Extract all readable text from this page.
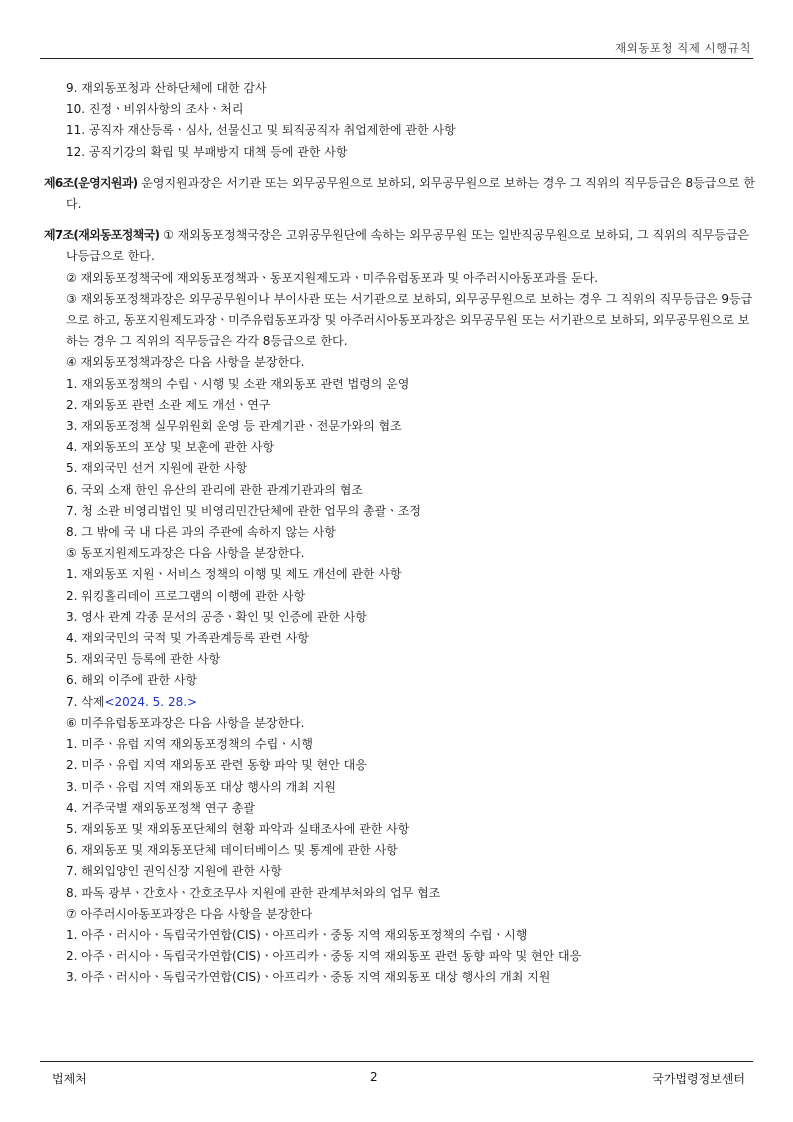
재외동포청 직제 시행규칙
9. 재외동포청과 산하단체에 대한 감사
10. 진정ㆍ비위사항의 조사ㆍ처리
11. 공직자 재산등록ㆍ심사, 선물신고 및 퇴직공직자 취업제한에 관한 사항
12. 공직기강의 확립 및 부패방지 대책 등에 관한 사항
제6조(운영지원과) 운영지원과장은 서기관 또는 외무공무원으로 보하되, 외무공무원으로 보하는 경우 그 직위의 직무등급은 8등급으로 한다.
제7조(재외동포정책국) ① 재외동포정책국장은 고위공무원단에 속하는 외무공무원 또는 일반직공무원으로 보하되, 그 직위의 직무등급은 나등급으로 한다.
② 재외동포정책국에 재외동포정책과ㆍ동포지원제도과ㆍ미주유럽동포과 및 아주러시아동포과를 둔다.
③ 재외동포정책과장은 외무공무원이나 부이사관 또는 서기관으로 보하되, 외무공무원으로 보하는 경우 그 직위의 직무등급은 9등급으로 하고, 동포지원제도과장ㆍ미주유럽동포과장 및 아주러시아동포과장은 외무공무원 또는 서기관으로 보하되, 외무공무원으로 보하는 경우 그 직위의 직무등급은 각각 8등급으로 한다.
④ 재외동포정책과장은 다음 사항을 분장한다.
1. 재외동포정책의 수립ㆍ시행 및 소관 재외동포 관련 법령의 운영
2. 재외동포 관련 소관 제도 개선ㆍ연구
3. 재외동포정책 실무위원회 운영 등 관계기관ㆍ전문가와의 협조
4. 재외동포의 포상 및 보훈에 관한 사항
5. 재외국민 선거 지원에 관한 사항
6. 국외 소재 한인 유산의 관리에 관한 관계기관과의 협조
7. 청 소관 비영리법인 및 비영리민간단체에 관한 업무의 총괄ㆍ조정
8. 그 밖에 국 내 다른 과의 주관에 속하지 않는 사항
⑤ 동포지원제도과장은 다음 사항을 분장한다.
1. 재외동포 지원ㆍ서비스 정책의 이행 및 제도 개선에 관한 사항
2. 워킹홀리데이 프로그램의 이행에 관한 사항
3. 영사 관계 각종 문서의 공증ㆍ확인 및 인증에 관한 사항
4. 재외국민의 국적 및 가족관계등록 관련 사항
5. 재외국민 등록에 관한 사항
6. 해외 이주에 관한 사항
7. 삭제<2024. 5. 28.>
⑥ 미주유럽동포과장은 다음 사항을 분장한다.
1. 미주ㆍ유럽 지역 재외동포정책의 수립ㆍ시행
2. 미주ㆍ유럽 지역 재외동포 관련 동향 파악 및 현안 대응
3. 미주ㆍ유럽 지역 재외동포 대상 행사의 개최 지원
4. 거주국별 재외동포정책 연구 총괄
5. 재외동포 및 재외동포단체의 현황 파악과 실태조사에 관한 사항
6. 재외동포 및 재외동포단체 데이터베이스 및 통계에 관한 사항
7. 해외입양인 권익신장 지원에 관한 사항
8. 파독 광부ㆍ간호사ㆍ간호조무사 지원에 관한 관계부처와의 업무 협조
⑦ 아주러시아동포과장은 다음 사항을 분장한다
1. 아주ㆍ러시아ㆍ독립국가연합(CIS)ㆍ아프리카ㆍ중동 지역 재외동포정책의 수립ㆍ시행
2. 아주ㆍ러시아ㆍ독립국가연합(CIS)ㆍ아프리카ㆍ중동 지역 재외동포 관련 동향 파악 및 현안 대응
3. 아주ㆍ러시아ㆍ독립국가연합(CIS)ㆍ아프리카ㆍ중동 지역 재외동포 대상 행사의 개최 지원
법제처	2	국가법령정보센터
